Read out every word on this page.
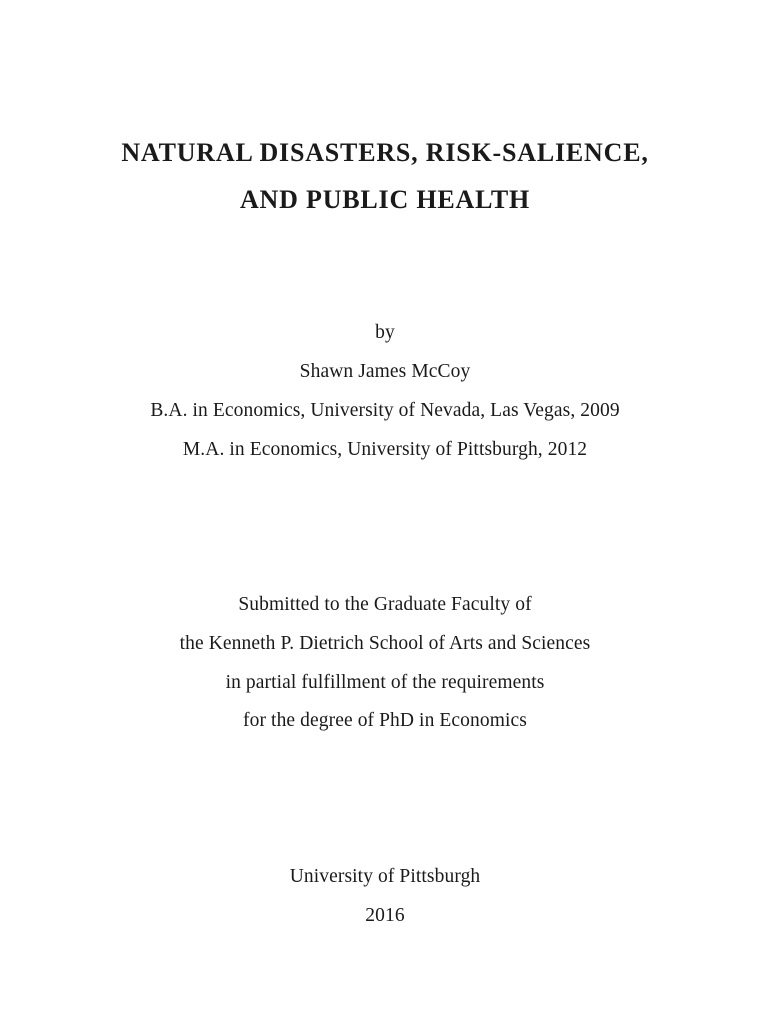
NATURAL DISASTERS, RISK-SALIENCE,
AND PUBLIC HEALTH
by
Shawn James McCoy
B.A. in Economics, University of Nevada, Las Vegas, 2009
M.A. in Economics, University of Pittsburgh, 2012
Submitted to the Graduate Faculty of
the Kenneth P. Dietrich School of Arts and Sciences
in partial fulfillment of the requirements
for the degree of PhD in Economics
University of Pittsburgh
2016
